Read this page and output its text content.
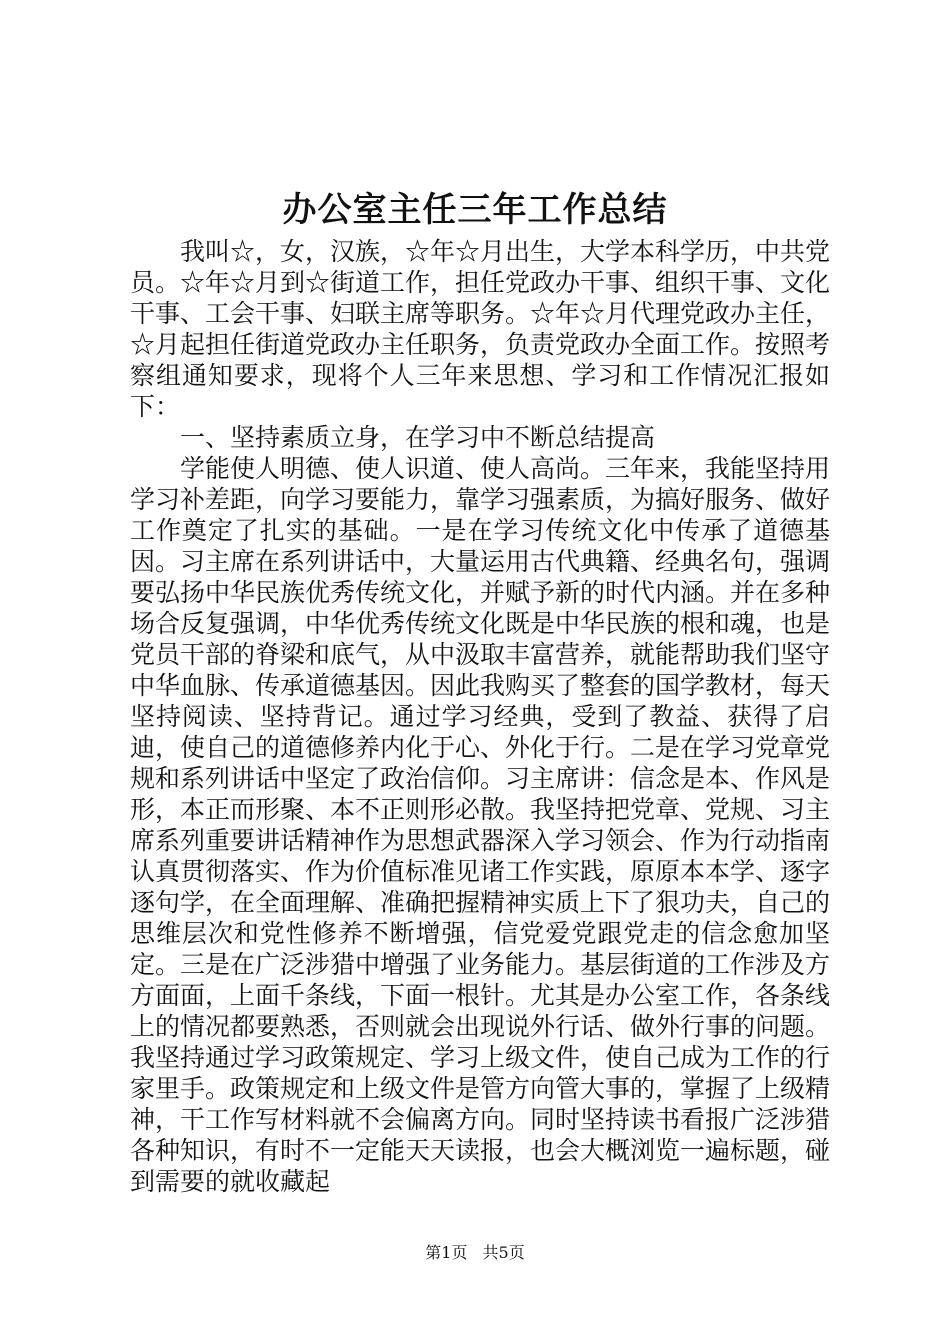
办公室主任三年工作总结

我叫☆，女，汉族，☆年☆月出生，大学本科学历，中共党员。☆年☆月到☆街道工作，担任党政办干事、组织干事、文化干事、工会干事、妇联主席等职务。☆年☆月代理党政办主任，☆月起担任街道党政办主任职务，负责党政办全面工作。按照考察组通知要求，现将个人三年来思想、学习和工作情况汇报如下：

一、坚持素质立身，在学习中不断总结提高

学能使人明德、使人识道、使人高尚。三年来，我能坚持用学习补差距，向学习要能力，靠学习强素质，为搞好服务、做好工作奠定了扎实的基础。一是在学习传统文化中传承了道德基因。习主席在系列讲话中，大量运用古代典籍、经典名句，强调要弘扬中华民族优秀传统文化，并赋予新的时代内涵。并在多种场合反复强调，中华优秀传统文化既是中华民族的根和魂，也是党员干部的脊梁和底气，从中汲取丰富营养，就能帮助我们坚守中华血脉、传承道德基因。因此我购买了整套的国学教材，每天坚持阅读、坚持背记。通过学习经典，受到了教益、获得了启迪，使自己的道德修养内化于心、外化于行。二是在学习党章党规和系列讲话中坚定了政治信仰。习主席讲：信念是本、作风是形，本正而形聚、本不正则形必散。我坚持把党章、党规、习主席系列重要讲话精神作为思想武器深入学习领会、作为行动指南认真贯彻落实、作为价值标准见诸工作实践，原原本本学、逐字逐句学，在全面理解、准确把握精神实质上下了狠功夫，自己的思维层次和党性修养不断增强，信党爱党跟党走的信念愈加坚定。三是在广泛涉猎中增强了业务能力。基层街道的工作涉及方方面面，上面千条线，下面一根针。尤其是办公室工作，各条线上的情况都要熟悉，否则就会出现说外行话、做外行事的问题。我坚持通过学习政策规定、学习上级文件，使自己成为工作的行家里手。政策规定和上级文件是管方向管大事的，掌握了上级精神，干工作写材料就不会偏离方向。同时坚持读书看报广泛涉猎各种知识，有时不一定能天天读报，也会大概浏览一遍标题，碰到需要的就收藏起

第1页 共5页
